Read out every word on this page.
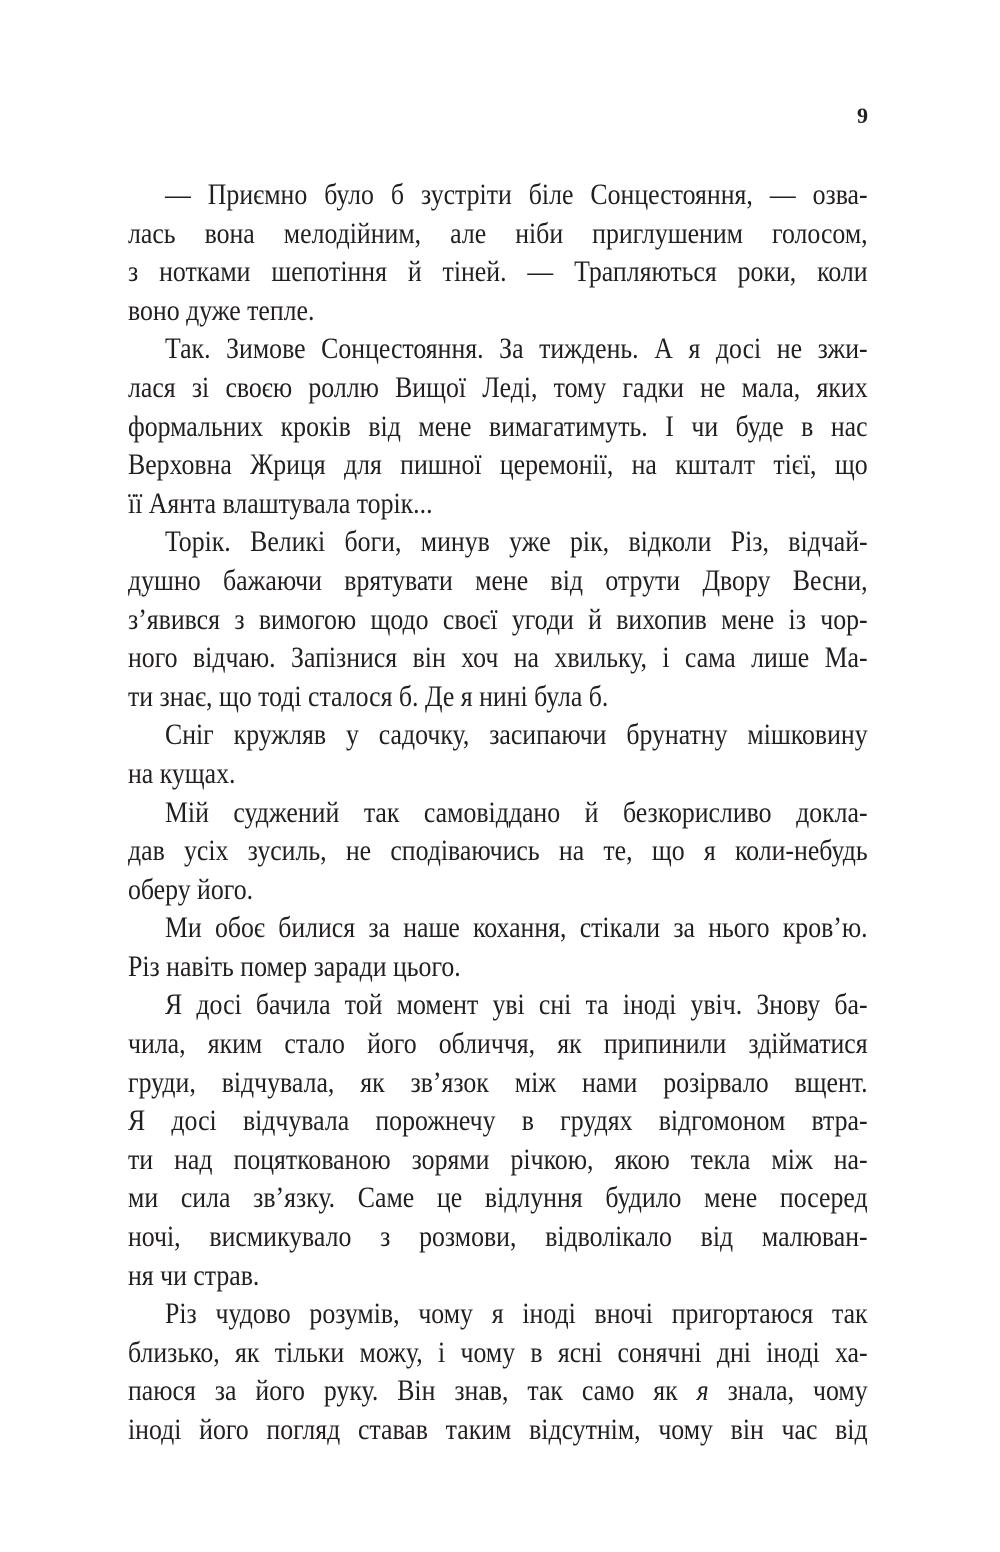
9
— Приємно було б зустріти біле Сонцестояння, — озва-
лась вона мелодійним, але ніби приглушеним голосом,
з нотками шепотіння й тіней. — Трапляються роки, коли
воно дуже тепле.
Так. Зимове Сонцестояння. За тиждень. А я досі не зжи-
лася зі своєю роллю Вищої Леді, тому гадки не мала, яких
формальних кроків від мене вимагатимуть. І чи буде в нас
Верховна Жриця для пишної церемонії, на кшталт тієї, що
її Аянта влаштувала торік...
Торік. Великі боги, минув уже рік, відколи Різ, відчай-
душно бажаючи врятувати мене від отрути Двору Весни,
з’явився з вимогою щодо своєї угоди й вихопив мене із чор-
ного відчаю. Запізнися він хоч на хвильку, і сама лише Ма-
ти знає, що тоді сталося б. Де я нині була б.
Сніг кружляв у садочку, засипаючи брунатну мішковину
на кущах.
Мій суджений так самовіддано й безкорисливо докла-
дав усіх зусиль, не сподіваючись на те, що я коли-небудь
оберу його.
Ми обоє билися за наше кохання, стікали за нього кров’ю.
Різ навіть помер заради цього.
Я досі бачила той момент уві сні та іноді увіч. Знову ба-
чила, яким стало його обличчя, як припинили здійматися
груди, відчувала, як зв’язок між нами розірвало вщент.
Я досі відчувала порожнечу в грудях відгомоном втра-
ти над поцяткованою зорями річкою, якою текла між на-
ми сила зв’язку. Саме це відлуння будило мене посеред
ночі, висмикувало з розмови, відволікало від малюван-
ня чи страв.
Різ чудово розумів, чому я іноді вночі пригортаюся так
близько, як тільки можу, і чому в ясні сонячні дні іноді ха-
паюся за його руку. Він знав, так само як я знала, чому
іноді його погляд ставав таким відсутнім, чому він час від
